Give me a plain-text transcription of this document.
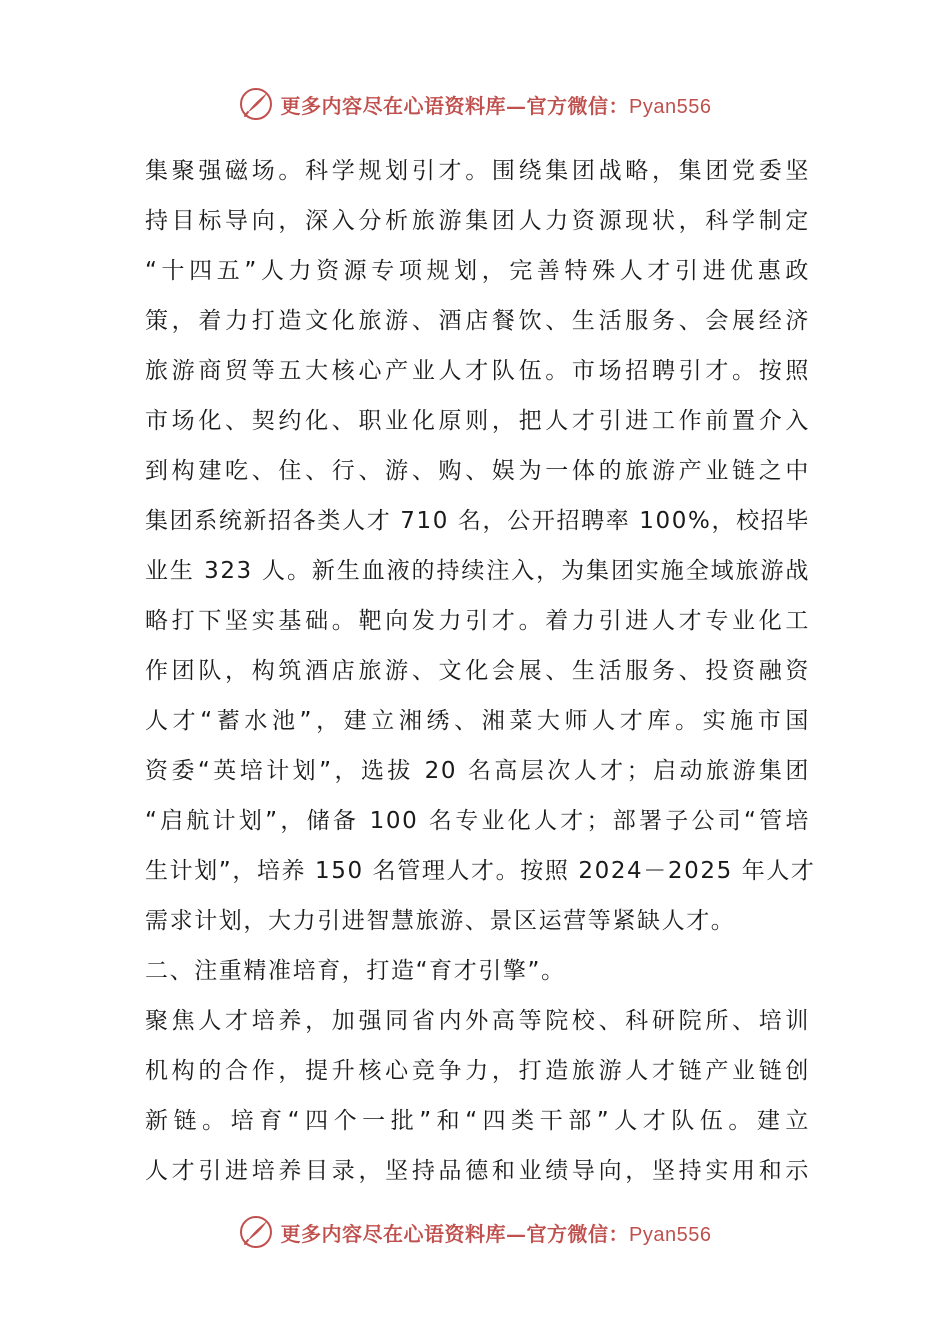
更多内容尽在心语资料库—官方微信：Pyan556
集聚强磁场。科学规划引才。围绕集团战略，集团党委坚
持目标导向，深入分析旅游集团人力资源现状，科学制定
“十四五”人力资源专项规划，完善特殊人才引进优惠政
策，着力打造文化旅游、酒店餐饮、生活服务、会展经济
旅游商贸等五大核心产业人才队伍。市场招聘引才。按照
市场化、契约化、职业化原则，把人才引进工作前置介入
到构建吃、住、行、游、购、娱为一体的旅游产业链之中
集团系统新招各类人才 710 名，公开招聘率 100%，校招毕
业生 323 人。新生血液的持续注入，为集团实施全域旅游战
略打下坚实基础。靶向发力引才。着力引进人才专业化工
作团队，构筑酒店旅游、文化会展、生活服务、投资融资
人才“蓄水池”，建立湘绣、湘菜大师人才库。实施市国
资委“英培计划”，选拔 20 名高层次人才；启动旅游集团
“启航计划”，储备 100 名专业化人才；部署子公司“管培
生计划”，培养 150 名管理人才。按照 2024－2025 年人才
需求计划，大力引进智慧旅游、景区运营等紧缺人才。
二、注重精准培育，打造“育才引擎”。
聚焦人才培养，加强同省内外高等院校、科研院所、培训
机构的合作，提升核心竞争力，打造旅游人才链产业链创
新链。培育“四个一批”和“四类干部”人才队伍。建立
人才引进培养目录，坚持品德和业绩导向，坚持实用和示
更多内容尽在心语资料库—官方微信：Pyan556
